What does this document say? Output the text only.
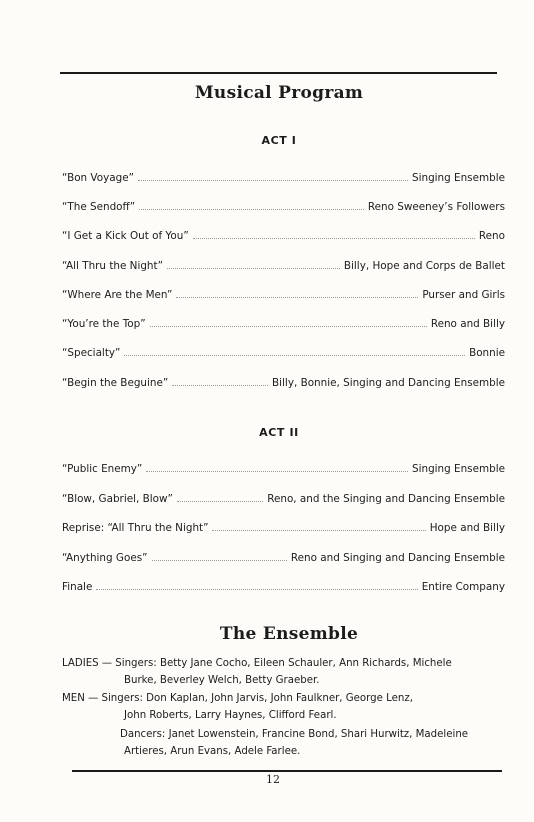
Musical Program
ACT I
“Bon Voyage”	Singing Ensemble
“The Sendoff”	Reno Sweeney’s Followers
“I Get a Kick Out of You”	Reno
“All Thru the Night”	Billy, Hope and Corps de Ballet
“Where Are the Men”	Purser and Girls
“You’re the Top”	Reno and Billy
“Specialty”	Bonnie
“Begin the Beguine”	Billy, Bonnie, Singing and Dancing Ensemble
ACT II
“Public Enemy”	Singing Ensemble
“Blow, Gabriel, Blow”	Reno, and the Singing and Dancing Ensemble
Reprise: “All Thru the Night”	Hope and Billy
“Anything Goes”	Reno and Singing and Dancing Ensemble
Finale	Entire Company
The Ensemble
LADIES — Singers: Betty Jane Cocho, Eileen Schauler, Ann Richards, Michele
Burke, Beverley Welch, Betty Graeber.
MEN — Singers: Don Kaplan, John Jarvis, John Faulkner, George Lenz,
John Roberts, Larry Haynes, Clifford Fearl.
Dancers: Janet Lowenstein, Francine Bond, Shari Hurwitz, Madeleine
Artieres, Arun Evans, Adele Farlee.
12
